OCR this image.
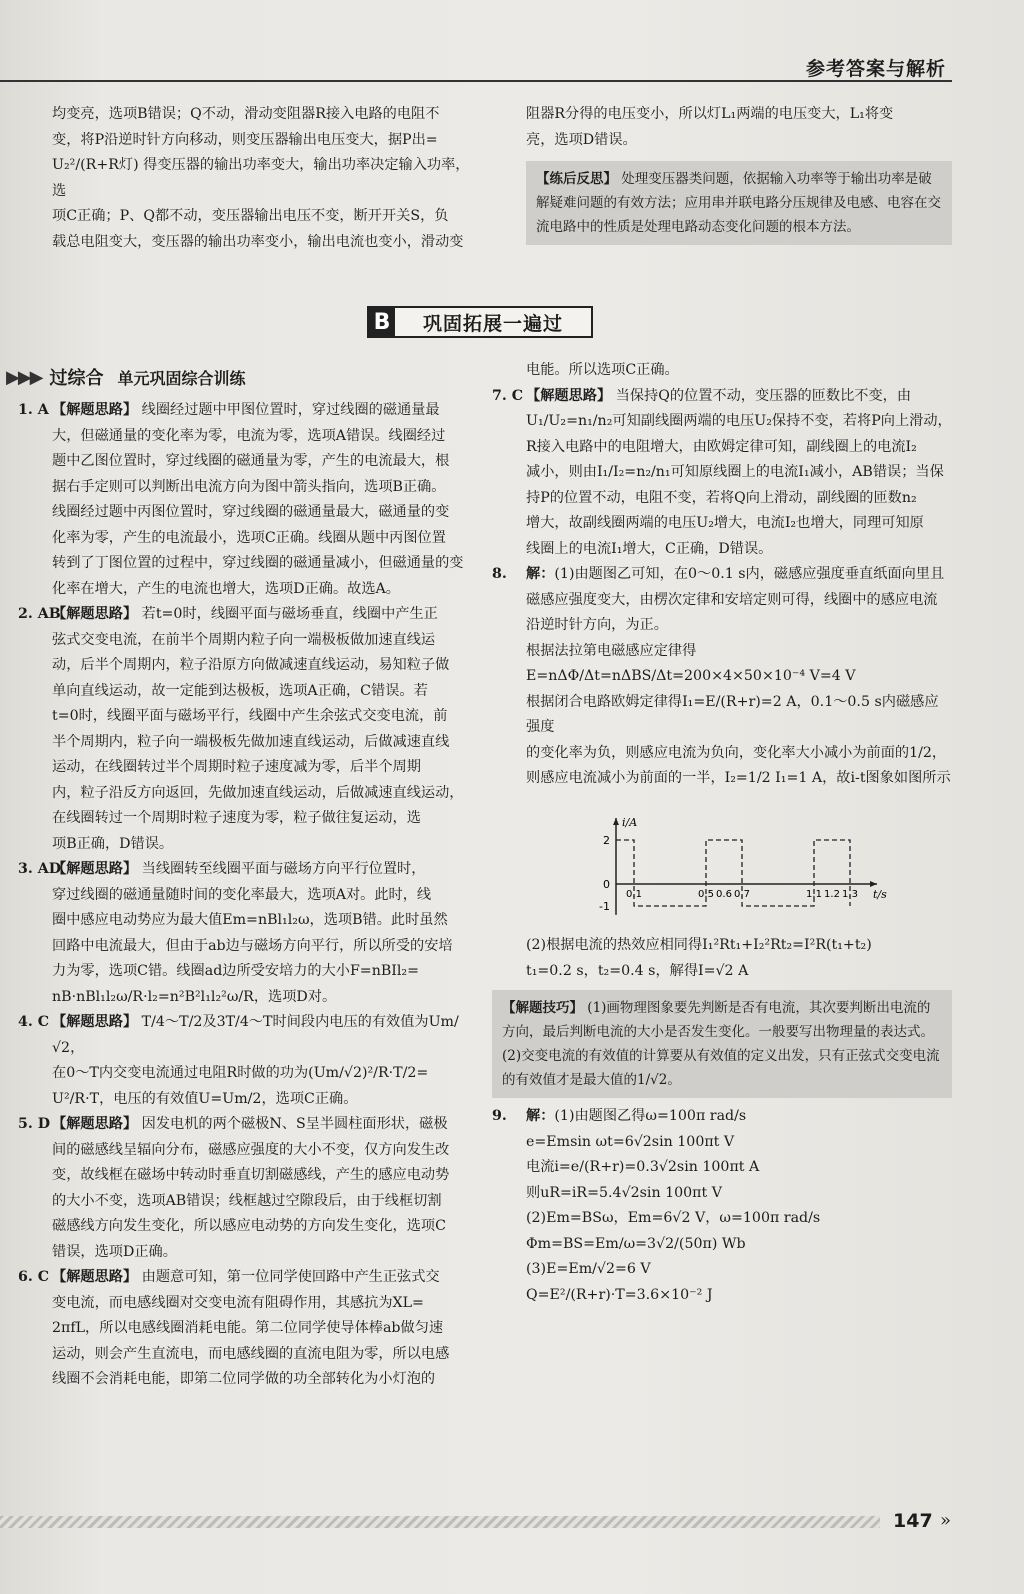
参考答案与解析

均变亮，选项B错误；Q不动，滑动变阻器R接入电路的电阻不

变，将P沿逆时针方向移动，则变压器输出电压变大，据P出=

U₂²/(R+R灯) 得变压器的输出功率变大，输出功率决定输入功率，选

项C正确；P、Q都不动，变压器输出电压不变，断开开关S，负

载总电阻变大，变压器的输出功率变小，输出电流也变小，滑动变

阻器R分得的电压变小，所以灯L₁两端的电压变大，L₁将变

亮，选项D错误。

【练后反思】 处理变压器类问题，依据输入功率等于输出功率是破解疑难问题的有效方法；应用串并联电路分压规律及电感、电容在交流电路中的性质是处理电路动态变化问题的根本方法。
B	巩固拓展一遍过
▶▶▶ 过综合 单元巩固综合训练
1. A 【解题思路】 线圈经过题中甲图位置时，穿过线圈的磁通量最

大，但磁通量的变化率为零，电流为零，选项A错误。线圈经过

题中乙图位置时，穿过线圈的磁通量为零，产生的电流最大，根

据右手定则可以判断出电流方向为图中箭头指向，选项B正确。

线圈经过题中丙图位置时，穿过线圈的磁通量最大，磁通量的变

化率为零，产生的电流最小，选项C正确。线圈从题中丙图位置

转到了丁图位置的过程中，穿过线圈的磁通量减小，但磁通量的变

化率在增大，产生的电流也增大，选项D正确。故选A。

2. AB

【解题思路】 若t=0时，线圈平面与磁场垂直，线圈中产生正

弦式交变电流，在前半个周期内粒子向一端极板做加速直线运

动，后半个周期内，粒子沿原方向做减速直线运动，易知粒子做

单向直线运动，故一定能到达极板，选项A正确，C错误。若

t=0时，线圈平面与磁场平行，线圈中产生余弦式交变电流，前

半个周期内，粒子向一端极板先做加速直线运动，后做减速直线

运动，在线圈转过半个周期时粒子速度减为零，后半个周期

内，粒子沿反方向返回，先做加速直线运动，后做减速直线运动，

在线圈转过一个周期时粒子速度为零，粒子做往复运动，选

项B正确，D错误。

3. AD

【解题思路】 当线圈转至线圈平面与磁场方向平行位置时，

穿过线圈的磁通量随时间的变化率最大，选项A对。此时，线

圈中感应电动势应为最大值Em=nBl₁l₂ω，选项B错。此时虽然

回路中电流最大，但由于ab边与磁场方向平行，所以所受的安培

力为零，选项C错。线圈ad边所受安培力的大小F=nBIl₂=

nB·nBl₁l₂ω/R·l₂=n²B²l₁l₂²ω/R，选项D对。

4. C 【解题思路】 T/4～T/2及3T/4～T时间段内电压的有效值为Um/√2，

在0～T内交变电流通过电阻R时做的功为(Um/√2)²/R·T/2=

U²/R·T，电压的有效值U=Um/2，选项C正确。

5. D 【解题思路】 因发电机的两个磁极N、S呈半圆柱面形状，磁极

间的磁感线呈辐向分布，磁感应强度的大小不变，仅方向发生改

变，故线框在磁场中转动时垂直切割磁感线，产生的感应电动势

的大小不变，选项AB错误；线框越过空隙段后，由于线框切割

磁感线方向发生变化，所以感应电动势的方向发生变化，选项C

错误，选项D正确。

6. C 【解题思路】 由题意可知，第一位同学使回路中产生正弦式交

变电流，而电感线圈对交变电流有阻碍作用，其感抗为XL=

2πfL，所以电感线圈消耗电能。第二位同学使导体棒ab做匀速

运动，则会产生直流电，而电感线圈的直流电阻为零，所以电感

线圈不会消耗电能，即第二位同学做的功全部转化为小灯泡的

电能。所以选项C正确。

7. C 【解题思路】 当保持Q的位置不动，变压器的匝数比不变，由

U₁/U₂=n₁/n₂可知副线圈两端的电压U₂保持不变，若将P向上滑动，

R接入电路中的电阻增大，由欧姆定律可知，副线圈上的电流I₂

减小，则由I₁/I₂=n₂/n₁可知原线圈上的电流I₁减小，AB错误；当保

持P的位置不动，电阻不变，若将Q向上滑动，副线圈的匝数n₂

增大，故副线圈两端的电压U₂增大，电流I₂也增大，同理可知原

线圈上的电流I₁增大，C正确，D错误。

8. 解：(1)由题图乙可知，在0～0.1 s内，磁感应强度垂直纸面向里且

磁感应强度变大，由楞次定律和安培定则可得，线圈中的感应电流

沿逆时针方向，为正。

根据法拉第电磁感应定律得

E=nΔΦ/Δt=nΔBS/Δt=200×4×50×10⁻⁴ V=4 V

根据闭合电路欧姆定律得I₁=E/(R+r)=2 A，0.1～0.5 s内磁感应强度

的变化率为负，则感应电流为负向，变化率大小减小为前面的1/2，

则感应电流减小为前面的一半，I₂=1/2 I₁=1 A，故i-t图象如图所示

2
0
-1
0.1	0.5 0.6 0.7	1.1 1.2 1.3
i/A
t/s

(2)根据电流的热效应相同得I₁²Rt₁+I₂²Rt₂=I²R(t₁+t₂)

t₁=0.2 s，t₂=0.4 s，解得I=√2 A

【解题技巧】 (1)画物理图象要先判断是否有电流，其次要判断出电流的方向，最后判断电流的大小是否发生变化。一般要写出物理量的表达式。

(2)交变电流的有效值的计算要从有效值的定义出发，只有正弦式交变电流的有效值才是最大值的1/√2。

9. 解：(1)由题图乙得ω=100π rad/s

e=Emsin ωt=6√2sin 100πt V

电流i=e/(R+r)=0.3√2sin 100πt A

则uR=iR=5.4√2sin 100πt V

(2)Em=BSω，Em=6√2 V，ω=100π rad/s

Φm=BS=Em/ω=3√2/(50π) Wb

(3)E=Em/√2=6 V

Q=E²/(R+r)·T=3.6×10⁻² J

147 »
